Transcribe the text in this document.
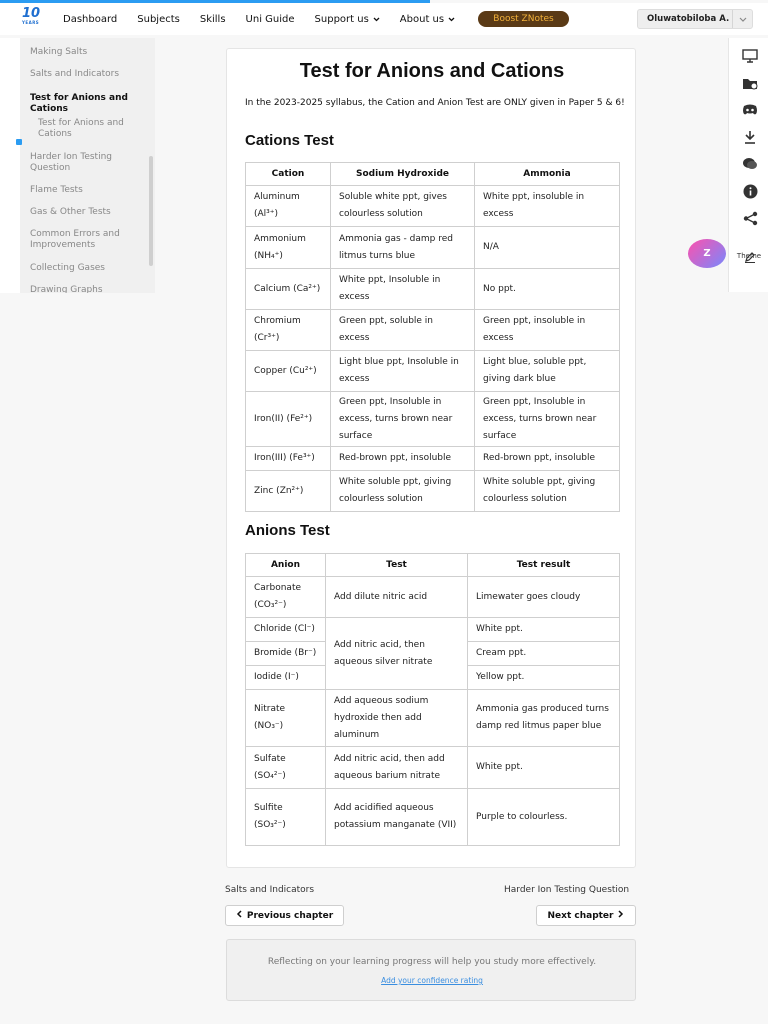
10
YEARS Dashboard Subjects Skills Uni Guide Support us	About us	Boost ZNotes	Oluwatobiloba A.
Making Salts
Salts and Indicators
Test for Anions and Cations
Test for Anions and Cations
Harder Ion Testing Question
Flame Tests
Gas & Other Tests
Common Errors and Improvements
Collecting Gases
Drawing Graphs
Theme
Z
Test for Anions and Cations
In the 2023-2025 syllabus, the Cation and Anion Test are ONLY given in Paper 5 & 6!
Cations Test
Cation	Sodium Hydroxide	Ammonia
Aluminum (Al³⁺)	Soluble white ppt, gives colourless solution	White ppt, insoluble in excess
Ammonium (NH₄⁺)	Ammonia gas - damp red litmus turns blue	N/A
Calcium (Ca²⁺)	White ppt, Insoluble in excess	No ppt.
Chromium (Cr³⁺)	Green ppt, soluble in excess	Green ppt, insoluble in excess
Copper (Cu²⁺)	Light blue ppt, Insoluble in excess	Light blue, soluble ppt, giving dark blue
Iron(II) (Fe²⁺)	Green ppt, Insoluble in excess, turns brown near surface	Green ppt, Insoluble in excess, turns brown near surface
Iron(III) (Fe³⁺)	Red-brown ppt, insoluble	Red-brown ppt, insoluble
Zinc (Zn²⁺)	White soluble ppt, giving colourless solution	White soluble ppt, giving colourless solution
Anions Test
Anion	Test	Test result
Carbonate (CO₃²⁻)	Add dilute nitric acid	Limewater goes cloudy
Chloride (Cl⁻)	Add nitric acid, then aqueous silver nitrate	White ppt.
Bromide (Br⁻)		Cream ppt.
Iodide (I⁻)		Yellow ppt.
Nitrate (NO₃⁻)	Add aqueous sodium hydroxide then add aluminum	Ammonia gas produced turns damp red litmus paper blue
Sulfate (SO₄²⁻)	Add nitric acid, then add aqueous barium nitrate	White ppt.
Sulfite (SO₃²⁻)	Add acidified aqueous potassium manganate (VII)	Purple to colourless.
Salts and Indicators	Harder Ion Testing Question
Previous chapter	Next chapter
Reflecting on your learning progress will help you study more effectively.
Add your confidence rating
